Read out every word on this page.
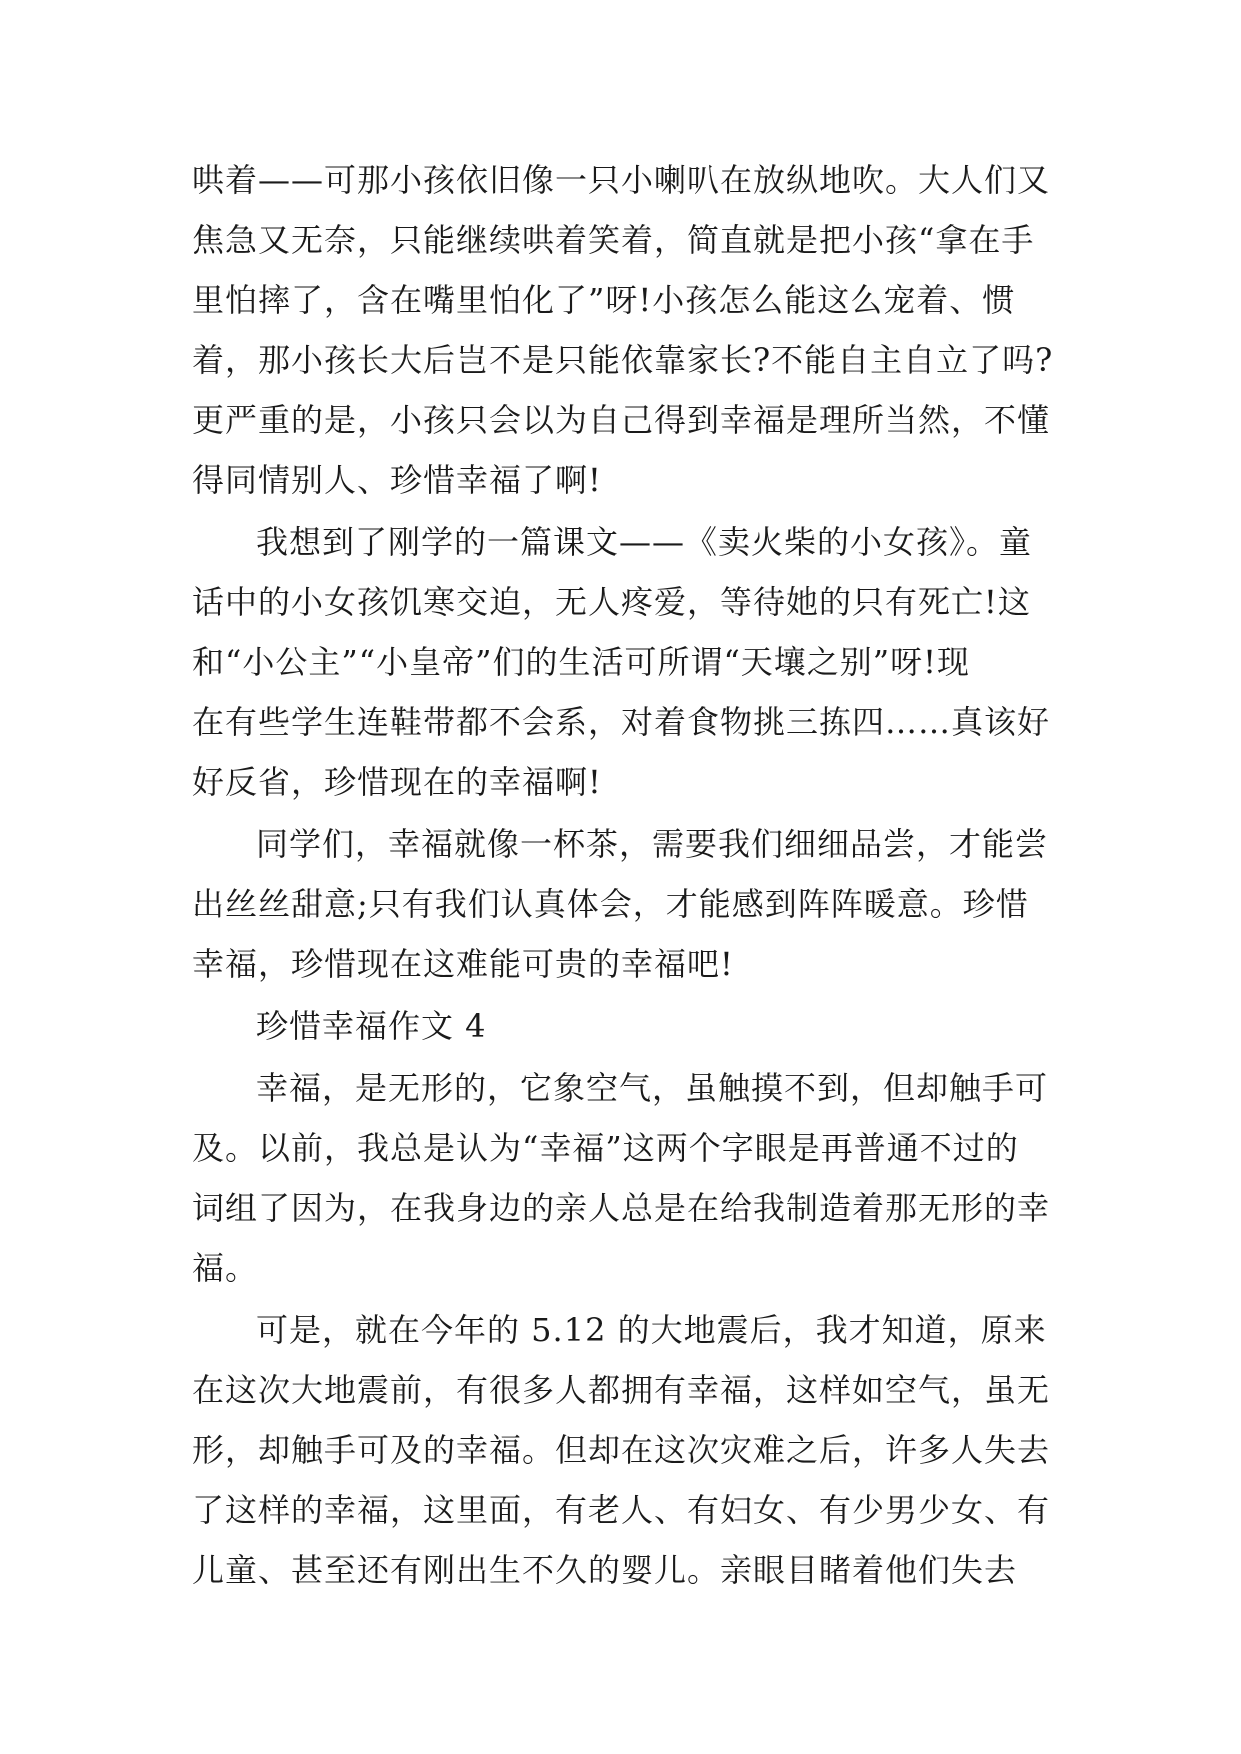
哄着——可那小孩依旧像一只小喇叭在放纵地吹。大人们又
焦急又无奈，只能继续哄着笑着，简直就是把小孩“拿在手
里怕摔了，含在嘴里怕化了”呀!小孩怎么能这么宠着、惯
着，那小孩长大后岂不是只能依靠家长?不能自主自立了吗?
更严重的是，小孩只会以为自己得到幸福是理所当然，不懂
得同情别人、珍惜幸福了啊!
我想到了刚学的一篇课文——《卖火柴的小女孩》。童
话中的小女孩饥寒交迫，无人疼爱，等待她的只有死亡!这
和“小公主”“小皇帝”们的生活可所谓“天壤之别”呀!现
在有些学生连鞋带都不会系，对着食物挑三拣四……真该好
好反省，珍惜现在的幸福啊!
同学们，幸福就像一杯茶，需要我们细细品尝，才能尝
出丝丝甜意;只有我们认真体会，才能感到阵阵暖意。珍惜
幸福，珍惜现在这难能可贵的幸福吧!
珍惜幸福作文 4
幸福，是无形的，它象空气，虽触摸不到，但却触手可
及。以前，我总是认为“幸福”这两个字眼是再普通不过的
词组了因为，在我身边的亲人总是在给我制造着那无形的幸
福。
可是，就在今年的 5.12 的大地震后，我才知道，原来
在这次大地震前，有很多人都拥有幸福，这样如空气，虽无
形，却触手可及的幸福。但却在这次灾难之后，许多人失去
了这样的幸福，这里面，有老人、有妇女、有少男少女、有
儿童、甚至还有刚出生不久的婴儿。亲眼目睹着他们失去
